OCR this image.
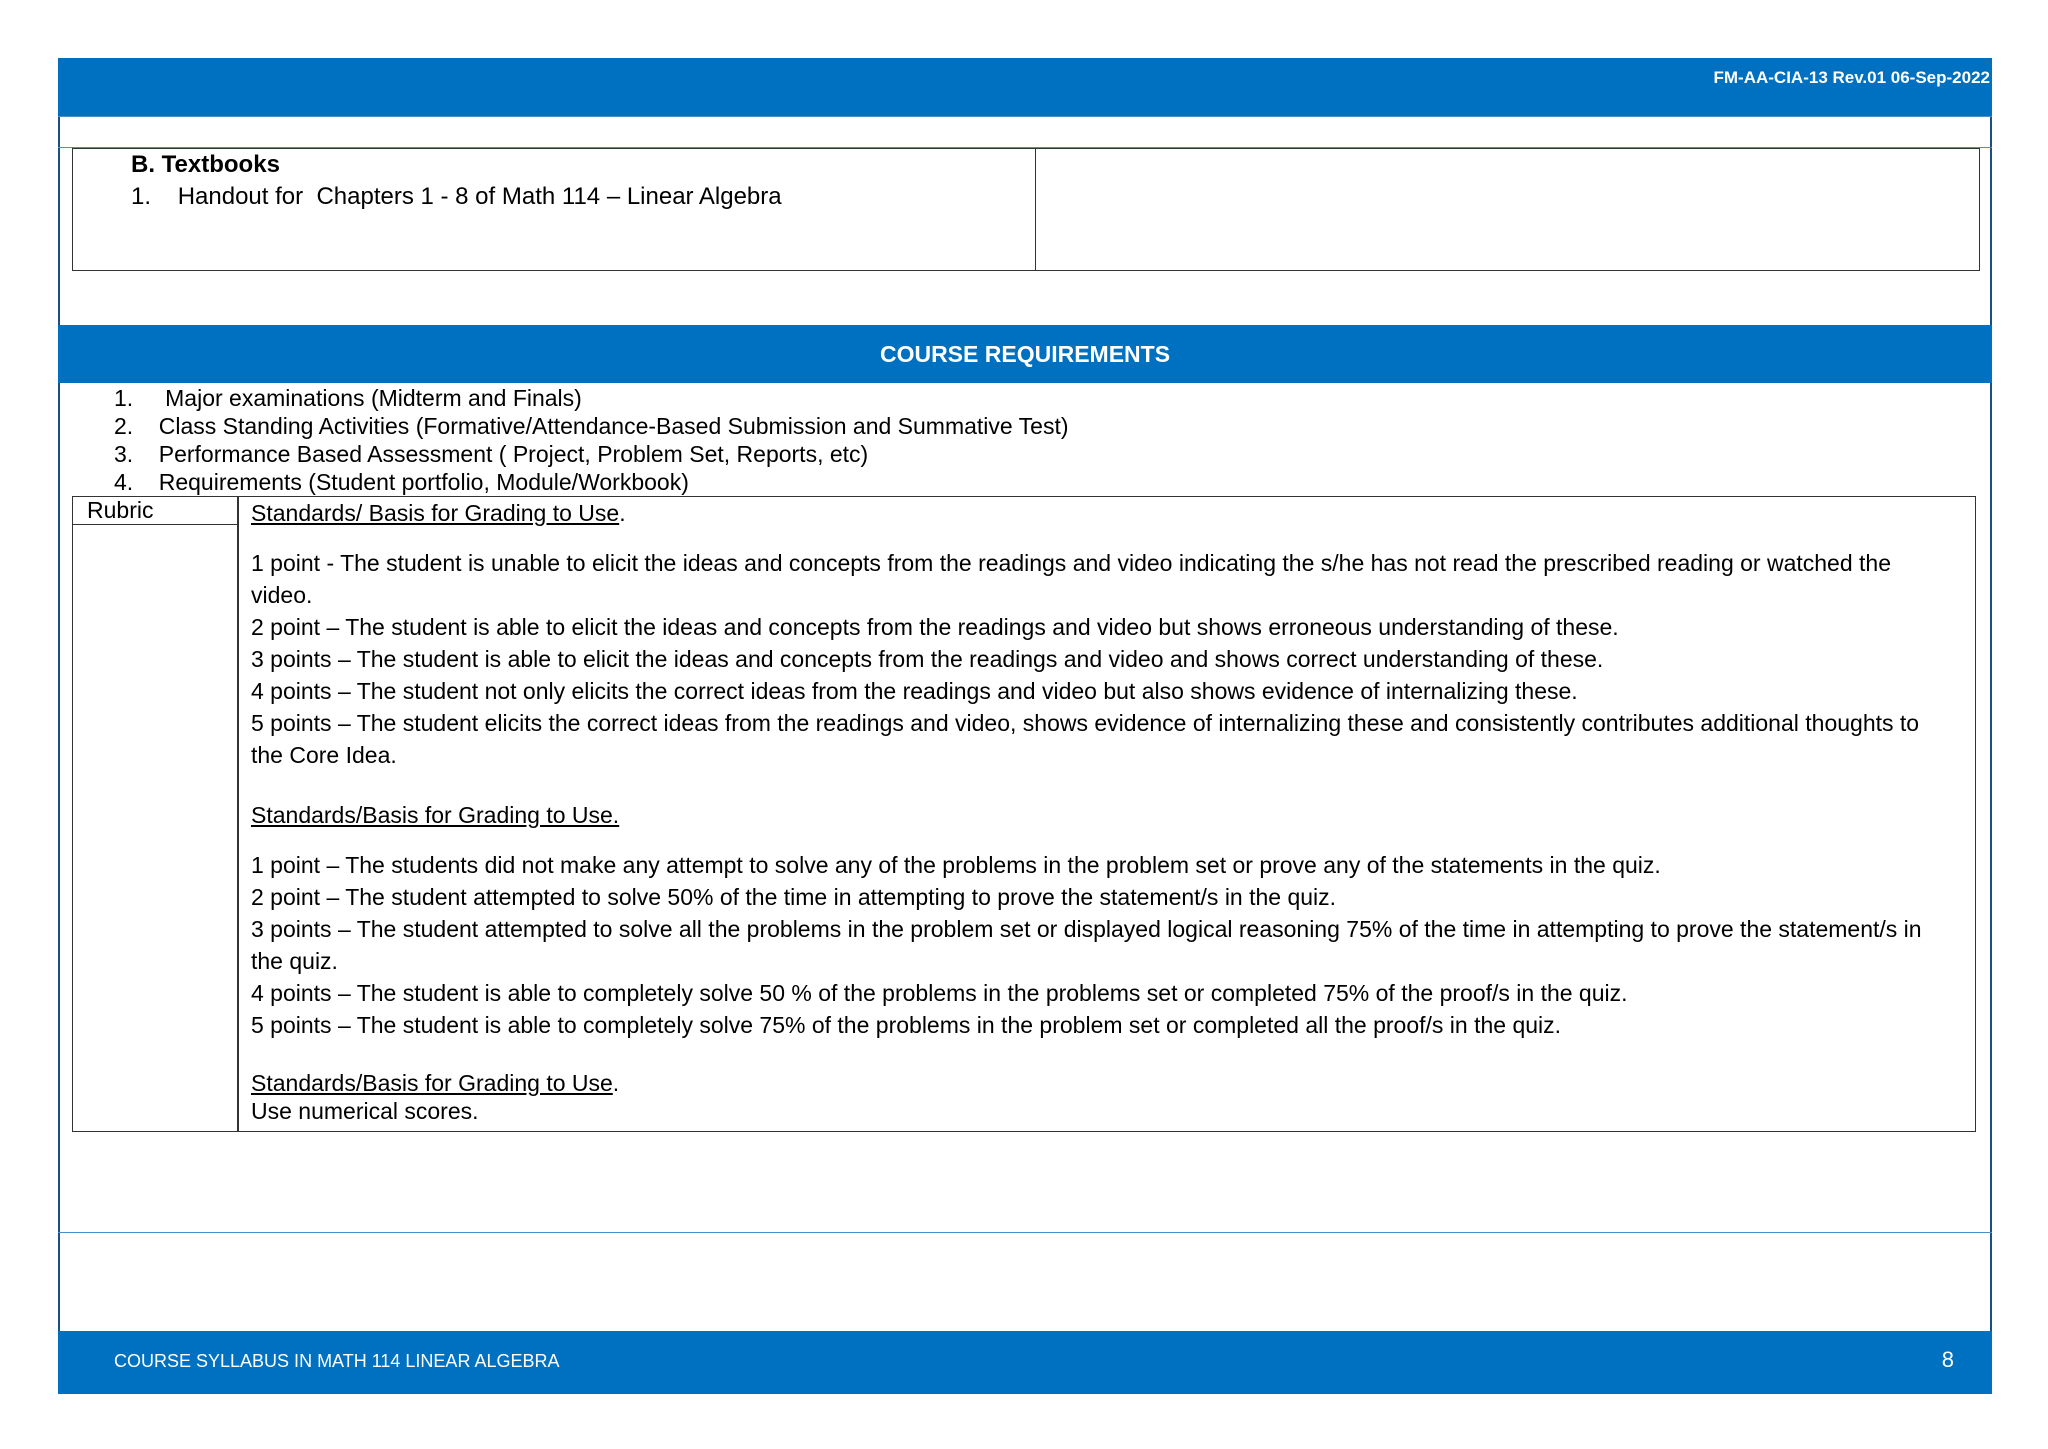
FM-AA-CIA-13 Rev.01 06-Sep-2022
B. Textbooks
1.    Handout for  Chapters 1 - 8 of Math 114 – Linear Algebra
COURSE REQUIREMENTS
1.     Major examinations (Midterm and Finals)
2.    Class Standing Activities (Formative/Attendance-Based Submission and Summative Test)
3.    Performance Based Assessment ( Project, Problem Set, Reports, etc)
4.    Requirements (Student portfolio, Module/Workbook)
Rubric	Standards/ Basis for Grading to Use.

1 point - The student is unable to elicit the ideas and concepts from the readings and video indicating the s/he has not read the prescribed reading or watched the video.

2 point – The student is able to elicit the ideas and concepts from the readings and video but shows erroneous understanding of these.

3 points – The student is able to elicit the ideas and concepts from the readings and video and shows correct understanding of these.

4 points – The student not only elicits the correct ideas from the readings and video but also shows evidence of internalizing these.

5 points – The student elicits the correct ideas from the readings and video, shows evidence of internalizing these and consistently contributes additional thoughts to the Core Idea.

Standards/Basis for Grading to Use.

1 point – The students did not make any attempt to solve any of the problems in the problem set or prove any of the statements in the quiz.

2 point – The student attempted to solve 50% of the time in attempting to prove the statement/s in the quiz.

3 points – The student attempted to solve all the problems in the problem set or displayed logical reasoning 75% of the time in attempting to prove the statement/s in the quiz.

4 points – The student is able to completely solve 50 % of the problems in the problems set or completed 75% of the proof/s in the quiz.

5 points – The student is able to completely solve 75% of the problems in the problem set or completed all the proof/s in the quiz.

Standards/Basis for Grading to Use.

Use numerical scores.

COURSE SYLLABUS IN MATH 114 LINEAR ALGEBRA	8
